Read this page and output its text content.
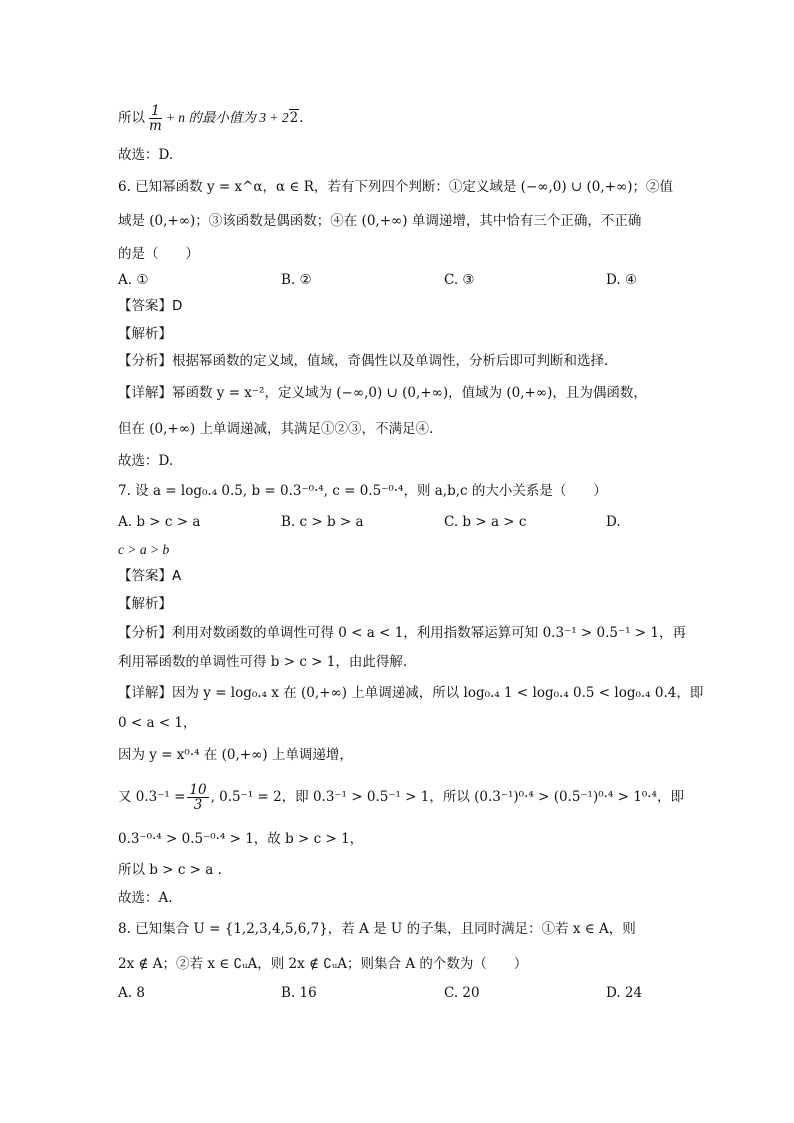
所以 $\frac{1}{m} + n$ 的最小值为 3 + 22.
故选：D.
6. 已知幂函数 y = x^α，α ∈ R，若有下列四个判断：①定义域是 (−∞,0) ∪ (0,+∞)；②值
域是 (0,+∞)；③该函数是偶函数；④在 (0,+∞) 单调递增，其中恰有三个正确，不正确
的是（　　）
A. ①	B. ②	C. ③	D. ④
【答案】D
【解析】
【分析】根据幂函数的定义域，值域，奇偶性以及单调性，分析后即可判断和选择.
【详解】幂函数 y = x⁻²，定义域为 (−∞,0) ∪ (0,+∞)，值域为 (0,+∞)，且为偶函数，
但在 (0,+∞) 上单调递减，其满足①②③，不满足④.
故选：D.
7. 设 a = log₀.₄ 0.5, b = 0.3⁻⁰·⁴, c = 0.5⁻⁰·⁴，则 a,b,c 的大小关系是（　　）
A. b > c > a	B. c > b > a	C. b > a > c	D.
c > a > b
【答案】A
【解析】
【分析】利用对数函数的单调性可得 0 < a < 1，利用指数幂运算可知 0.3⁻¹ > 0.5⁻¹ > 1，再
利用幂函数的单调性可得 b > c > 1，由此得解.
【详解】因为 y = log₀.₄ x 在 (0,+∞) 上单调递减，所以 log₀.₄ 1 < log₀.₄ 0.5 < log₀.₄ 0.4，即
0 < a < 1，
因为 y = x⁰·⁴ 在 (0,+∞) 上单调递增，
又 $0.3^{-1} = \frac{10}{3}$ , 0.5⁻¹ = 2，即 0.3⁻¹ > 0.5⁻¹ > 1，所以 (0.3⁻¹)⁰·⁴ > (0.5⁻¹)⁰·⁴ > 1⁰·⁴，即
0.3⁻⁰·⁴ > 0.5⁻⁰·⁴ > 1，故 b > c > 1，
所以 b > c > a .
故选：A.
8. 已知集合 U = {1,2,3,4,5,6,7}，若 A 是 U 的子集，且同时满足：①若 x ∈ A，则
2x ∉ A；②若 x ∈ ∁ᵤA，则 2x ∉ ∁ᵤA；则集合 A 的个数为（　　）
A. 8	B. 16	C. 20	D. 24
